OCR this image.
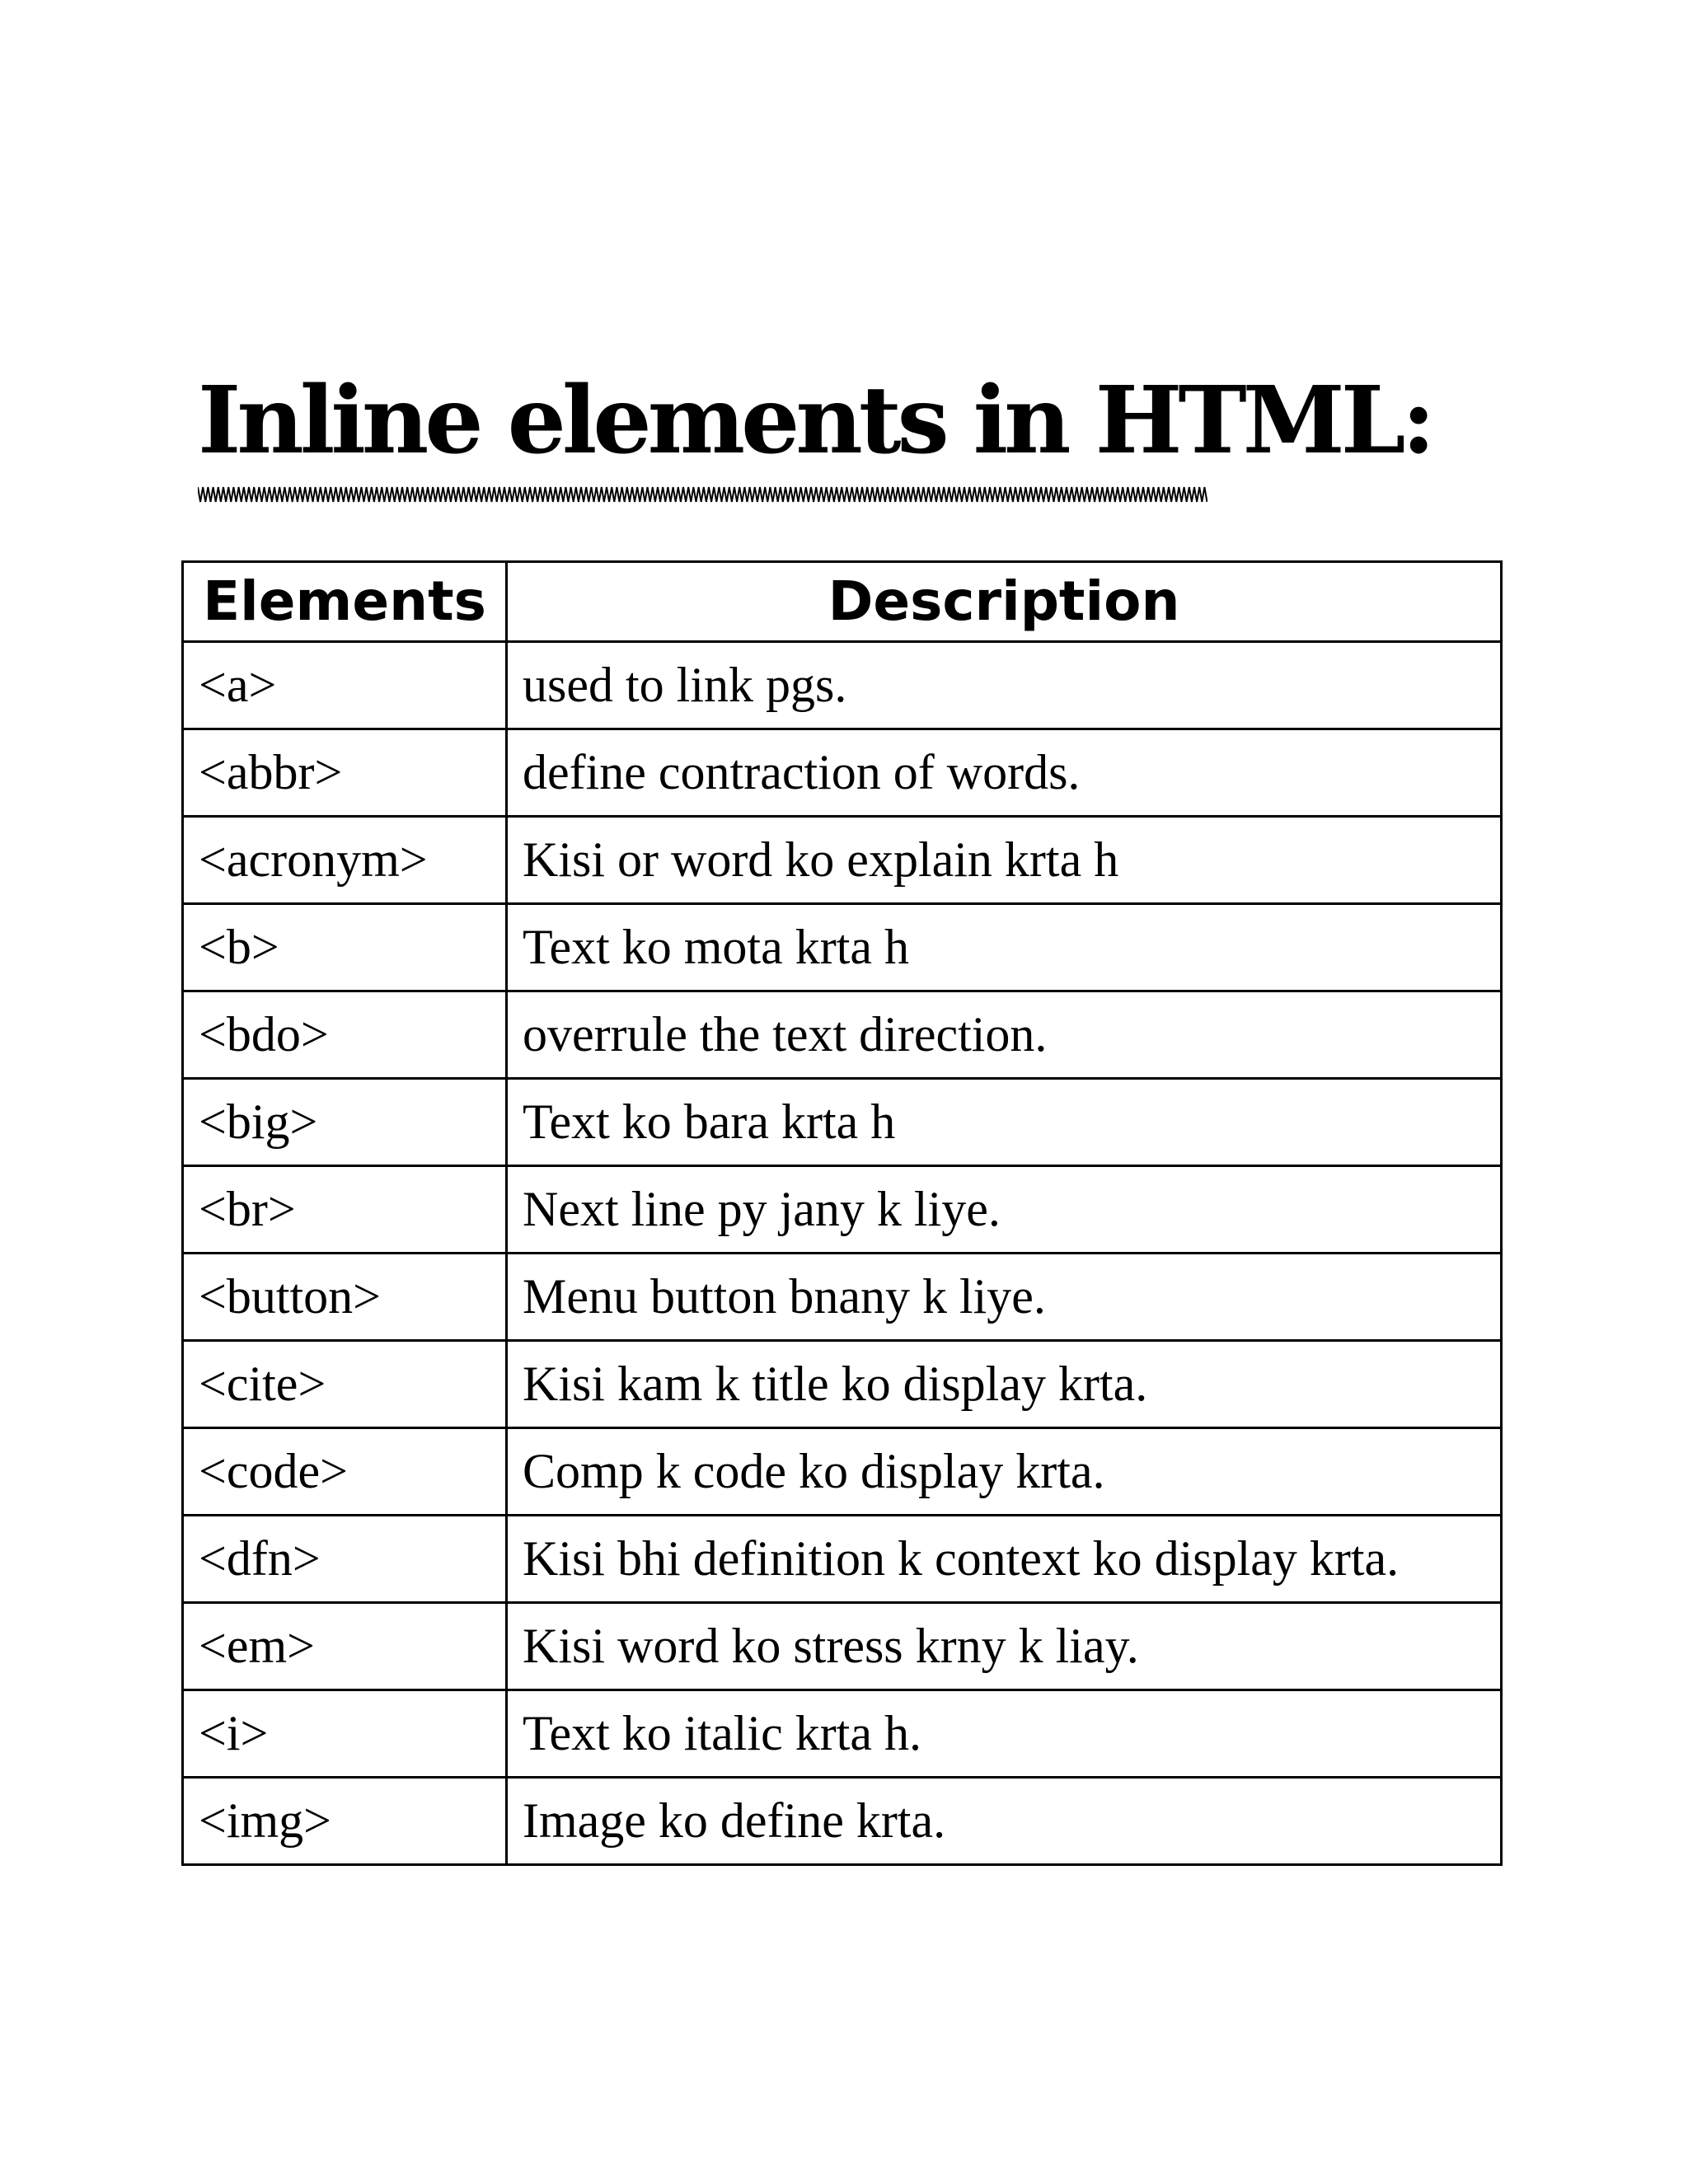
Inline elements in HTML:
Elements	Description
<a>	used to link pgs.
<abbr>	define contraction of words.
<acronym>	Kisi or word ko explain krta h
<b>	Text ko mota krta h
<bdo>	overrule the text direction.
<big>	Text ko bara krta h
<br>	Next line py jany k liye.
<button>	Menu button bnany k liye.
<cite>	Kisi kam k title ko display krta.
<code>	Comp k code ko display krta.
<dfn>	Kisi bhi definition k context ko display krta.
<em>	Kisi word ko stress krny k liay.
<i>	Text ko italic krta h.
<img>	Image ko define krta.
